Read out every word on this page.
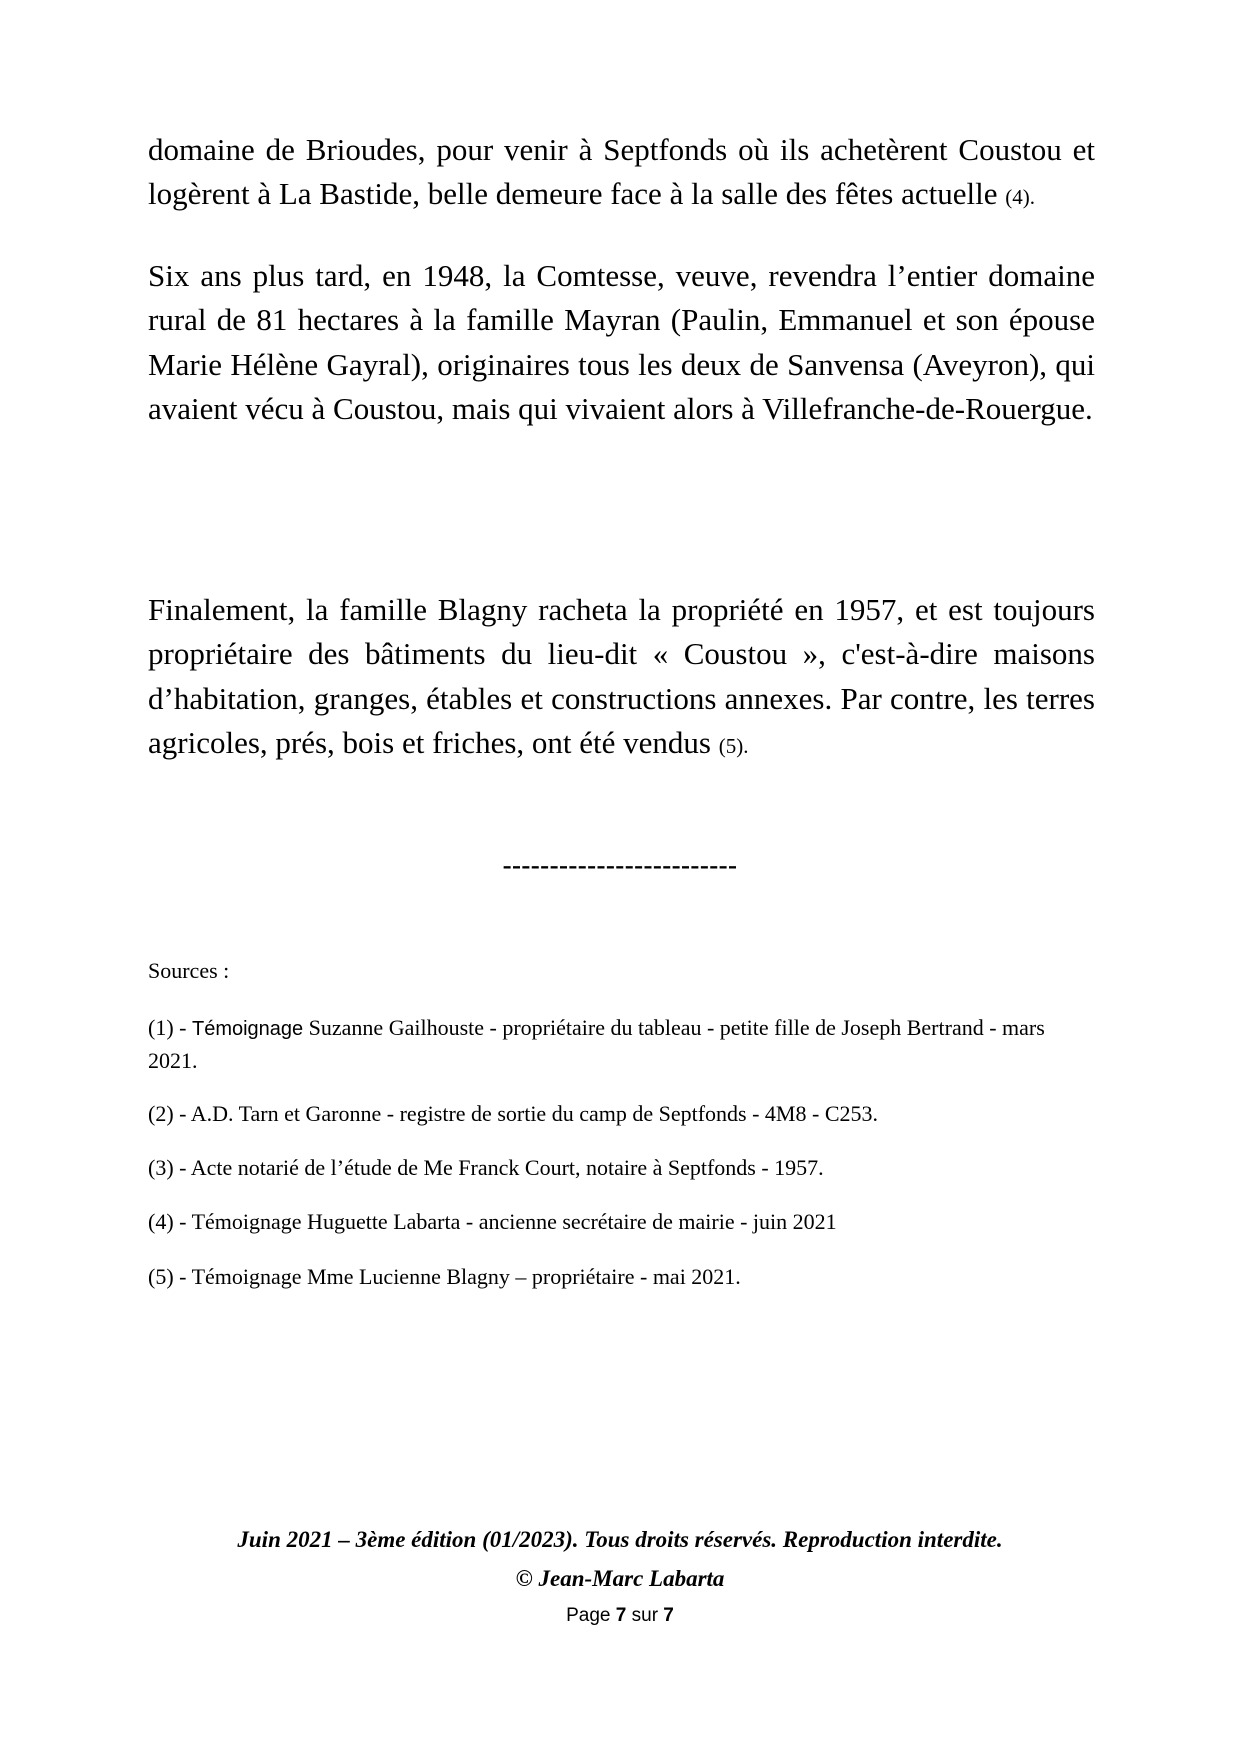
domaine de Brioudes, pour venir à Septfonds où ils achetèrent Coustou et logèrent à La Bastide, belle demeure face à la salle des fêtes actuelle (4).

Six ans plus tard, en 1948, la Comtesse, veuve, revendra l’entier domaine rural de 81 hectares à la famille Mayran (Paulin, Emmanuel et son épouse Marie Hélène Gayral), originaires tous les deux de Sanvensa (Aveyron), qui avaient vécu à Coustou, mais qui vivaient alors à Villefranche-de-Rouergue.

Finalement, la famille Blagny racheta la propriété en 1957, et est toujours propriétaire des bâtiments du lieu-dit « Coustou », c'est-à-dire maisons d’habitation, granges, étables et constructions annexes. Par contre, les terres agricoles, prés, bois et friches, ont été vendus (5).

-------------------------
Sources :

(1) - Témoignage Suzanne Gailhouste - propriétaire du tableau - petite fille de Joseph Bertrand - mars 2021.

(2) - A.D. Tarn et Garonne - registre de sortie du camp de Septfonds - 4M8 - C253.

(3) - Acte notarié de l’étude de Me Franck Court, notaire à Septfonds - 1957.

(4) - Témoignage Huguette Labarta - ancienne secrétaire de mairie - juin 2021

(5) - Témoignage Mme Lucienne Blagny – propriétaire - mai 2021.

Juin 2021 – 3ème édition (01/2023). Tous droits réservés. Reproduction interdite.
© Jean-Marc Labarta
Page 7 sur 7
